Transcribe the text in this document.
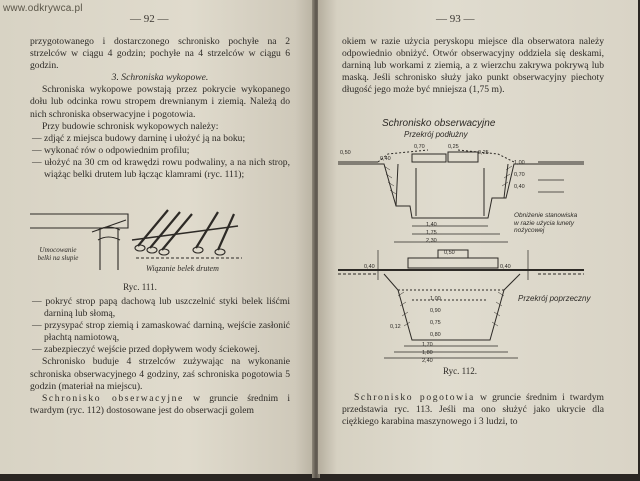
— 92 —

przygotowanego i dostarczonego schronisko pochyłe na 2 strzelców w ciągu 4 godzin; pochyłe na 4 strzelców w ciągu 6 godzin.

3. Schroniska wykopowe.

Schroniska wykopowe powstają przez pokrycie wykopanego dołu lub odcinka rowu stropem drewnianym i ziemią. Należą do nich schroniska obserwacyjne i pogotowia.

Przy budowie schronisk wykopowych należy:

— zdjąć z miejsca budowy darninę i ułożyć ją na boku;

— wykonać rów o odpowiednim profilu;

— ułożyć na 30 cm od krawędzi rowu podwaliny, a na nich strop, wiążąc belki drutem lub łącząc klamrami (ryc. 111);

Umocowanie belki na słupie
Wiązanie belek drutem
Ryc. 111.

— pokryć strop papą dachową lub uszczelnić styki belek liśćmi darniną lub słomą,

— przysypać strop ziemią i zamaskować darniną, wejście zasłonić płachtą namiotową,

— zabezpieczyć wejście przed dopływem wody ściekowej.

Schronisko buduje 4 strzelców zużywając na wykonanie schroniska obserwacyjnego 4 godziny, zaś schroniska pogotowia 5 godzin (materiał na miejscu).

Schronisko obserwacyjne w gruncie średnim i twardym (ryc. 112) dostosowane jest do obserwacji golem

— 93 —

okiem w razie użycia peryskopu miejsce dla obserwatora należy odpowiednio obniżyć. Otwór obserwacyjny oddziela się deskami, darniną lub workami z ziemią, a z wierzchu zakrywa pokrywą lub maską. Jeśli schronisko służy jako punkt obserwacyjny piechoty długość jego może być mniejsza (1,75 m).

Schronisko obserwacyjne
Przekrój podłużny
Obniżenie stanowiska w razie użycia lunety nożycowej
Przekrój poprzeczny
0,50
0,40
0,70	0,25
0,25
1,00
0,70
0,40
1,40
1,75
2,30
0,50
0,40	0,40
1,00
0,90
0,75
0,80
1,70
0,12
1,80
2,40
Ryc. 112.

Schronisko pogotowia w gruncie średnim i twardym przedstawia ryc. 113. Jeśli ma ono służyć jako ukrycie dla ciężkiego karabina maszynowego i 3 ludzi, to

www.odkrywca.pl
